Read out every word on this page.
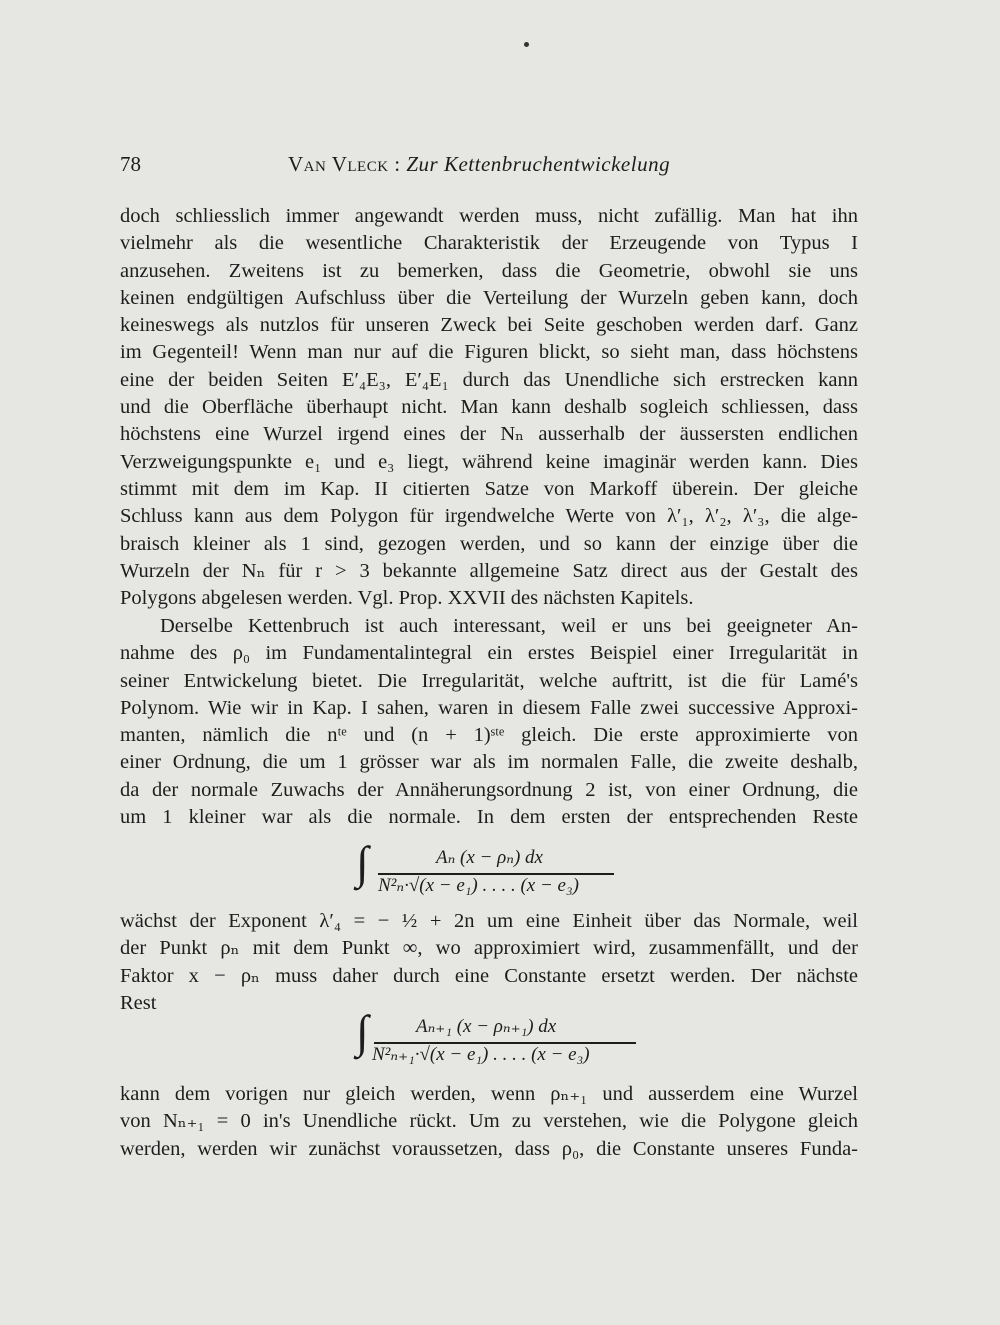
78	Van Vleck : Zur Kettenbruchentwickelung
doch schliesslich immer angewandt werden muss, nicht zufällig. Man hat ihn
vielmehr als die wesentliche Charakteristik der Erzeugende von Typus I
anzusehen. Zweitens ist zu bemerken, dass die Geometrie, obwohl sie uns
keinen endgültigen Aufschluss über die Verteilung der Wurzeln geben kann, doch
keineswegs als nutzlos für unseren Zweck bei Seite geschoben werden darf. Ganz
im Gegenteil! Wenn man nur auf die Figuren blickt, so sieht man, dass höchstens
eine der beiden Seiten E′₄E₃, E′₄E₁ durch das Unendliche sich erstrecken kann
und die Oberfläche überhaupt nicht. Man kann deshalb sogleich schliessen, dass
höchstens eine Wurzel irgend eines der Nₙ ausserhalb der äussersten endlichen
Verzweigungspunkte e₁ und e₃ liegt, während keine imaginär werden kann. Dies
stimmt mit dem im Kap. II citierten Satze von Markoff überein. Der gleiche
Schluss kann aus dem Polygon für irgendwelche Werte von λ′₁, λ′₂, λ′₃, die alge-
braisch kleiner als 1 sind, gezogen werden, und so kann der einzige über die
Wurzeln der Nₙ für r > 3 bekannte allgemeine Satz direct aus der Gestalt des
Polygons abgelesen werden. Vgl. Prop. XXVII des nächsten Kapitels.
Derselbe Kettenbruch ist auch interessant, weil er uns bei geeigneter An-
nahme des ρ₀ im Fundamentalintegral ein erstes Beispiel einer Irregularität in
seiner Entwickelung bietet. Die Irregularität, welche auftritt, ist die für Lamé's
Polynom. Wie wir in Kap. I sahen, waren in diesem Falle zwei successive Approxi-
manten, nämlich die nᵗᵉ und (n + 1)ˢᵗᵉ gleich. Die erste approximierte von
einer Ordnung, die um 1 grösser war als im normalen Falle, die zweite deshalb,
da der normale Zuwachs der Annäherungsordnung 2 ist, von einer Ordnung, die
um 1 kleiner war als die normale. In dem ersten der entsprechenden Reste
∫	Aₙ (x − ρₙ) dx
N²ₙ·√(x − e₁) . . . . (x − e₃)
wächst der Exponent λ′₄ = − ½ + 2n um eine Einheit über das Normale, weil
der Punkt ρₙ mit dem Punkt ∞, wo approximiert wird, zusammenfällt, und der
Faktor x − ρₙ muss daher durch eine Constante ersetzt werden. Der nächste
Rest
∫ Aₙ₊₁ (x − ρₙ₊₁) dx
N²ₙ₊₁·√(x − e₁) . . . . (x − e₃)
kann dem vorigen nur gleich werden, wenn ρₙ₊₁ und ausserdem eine Wurzel
von Nₙ₊₁ = 0 in's Unendliche rückt. Um zu verstehen, wie die Polygone gleich
werden, werden wir zunächst voraussetzen, dass ρ₀, die Constante unseres Funda-
